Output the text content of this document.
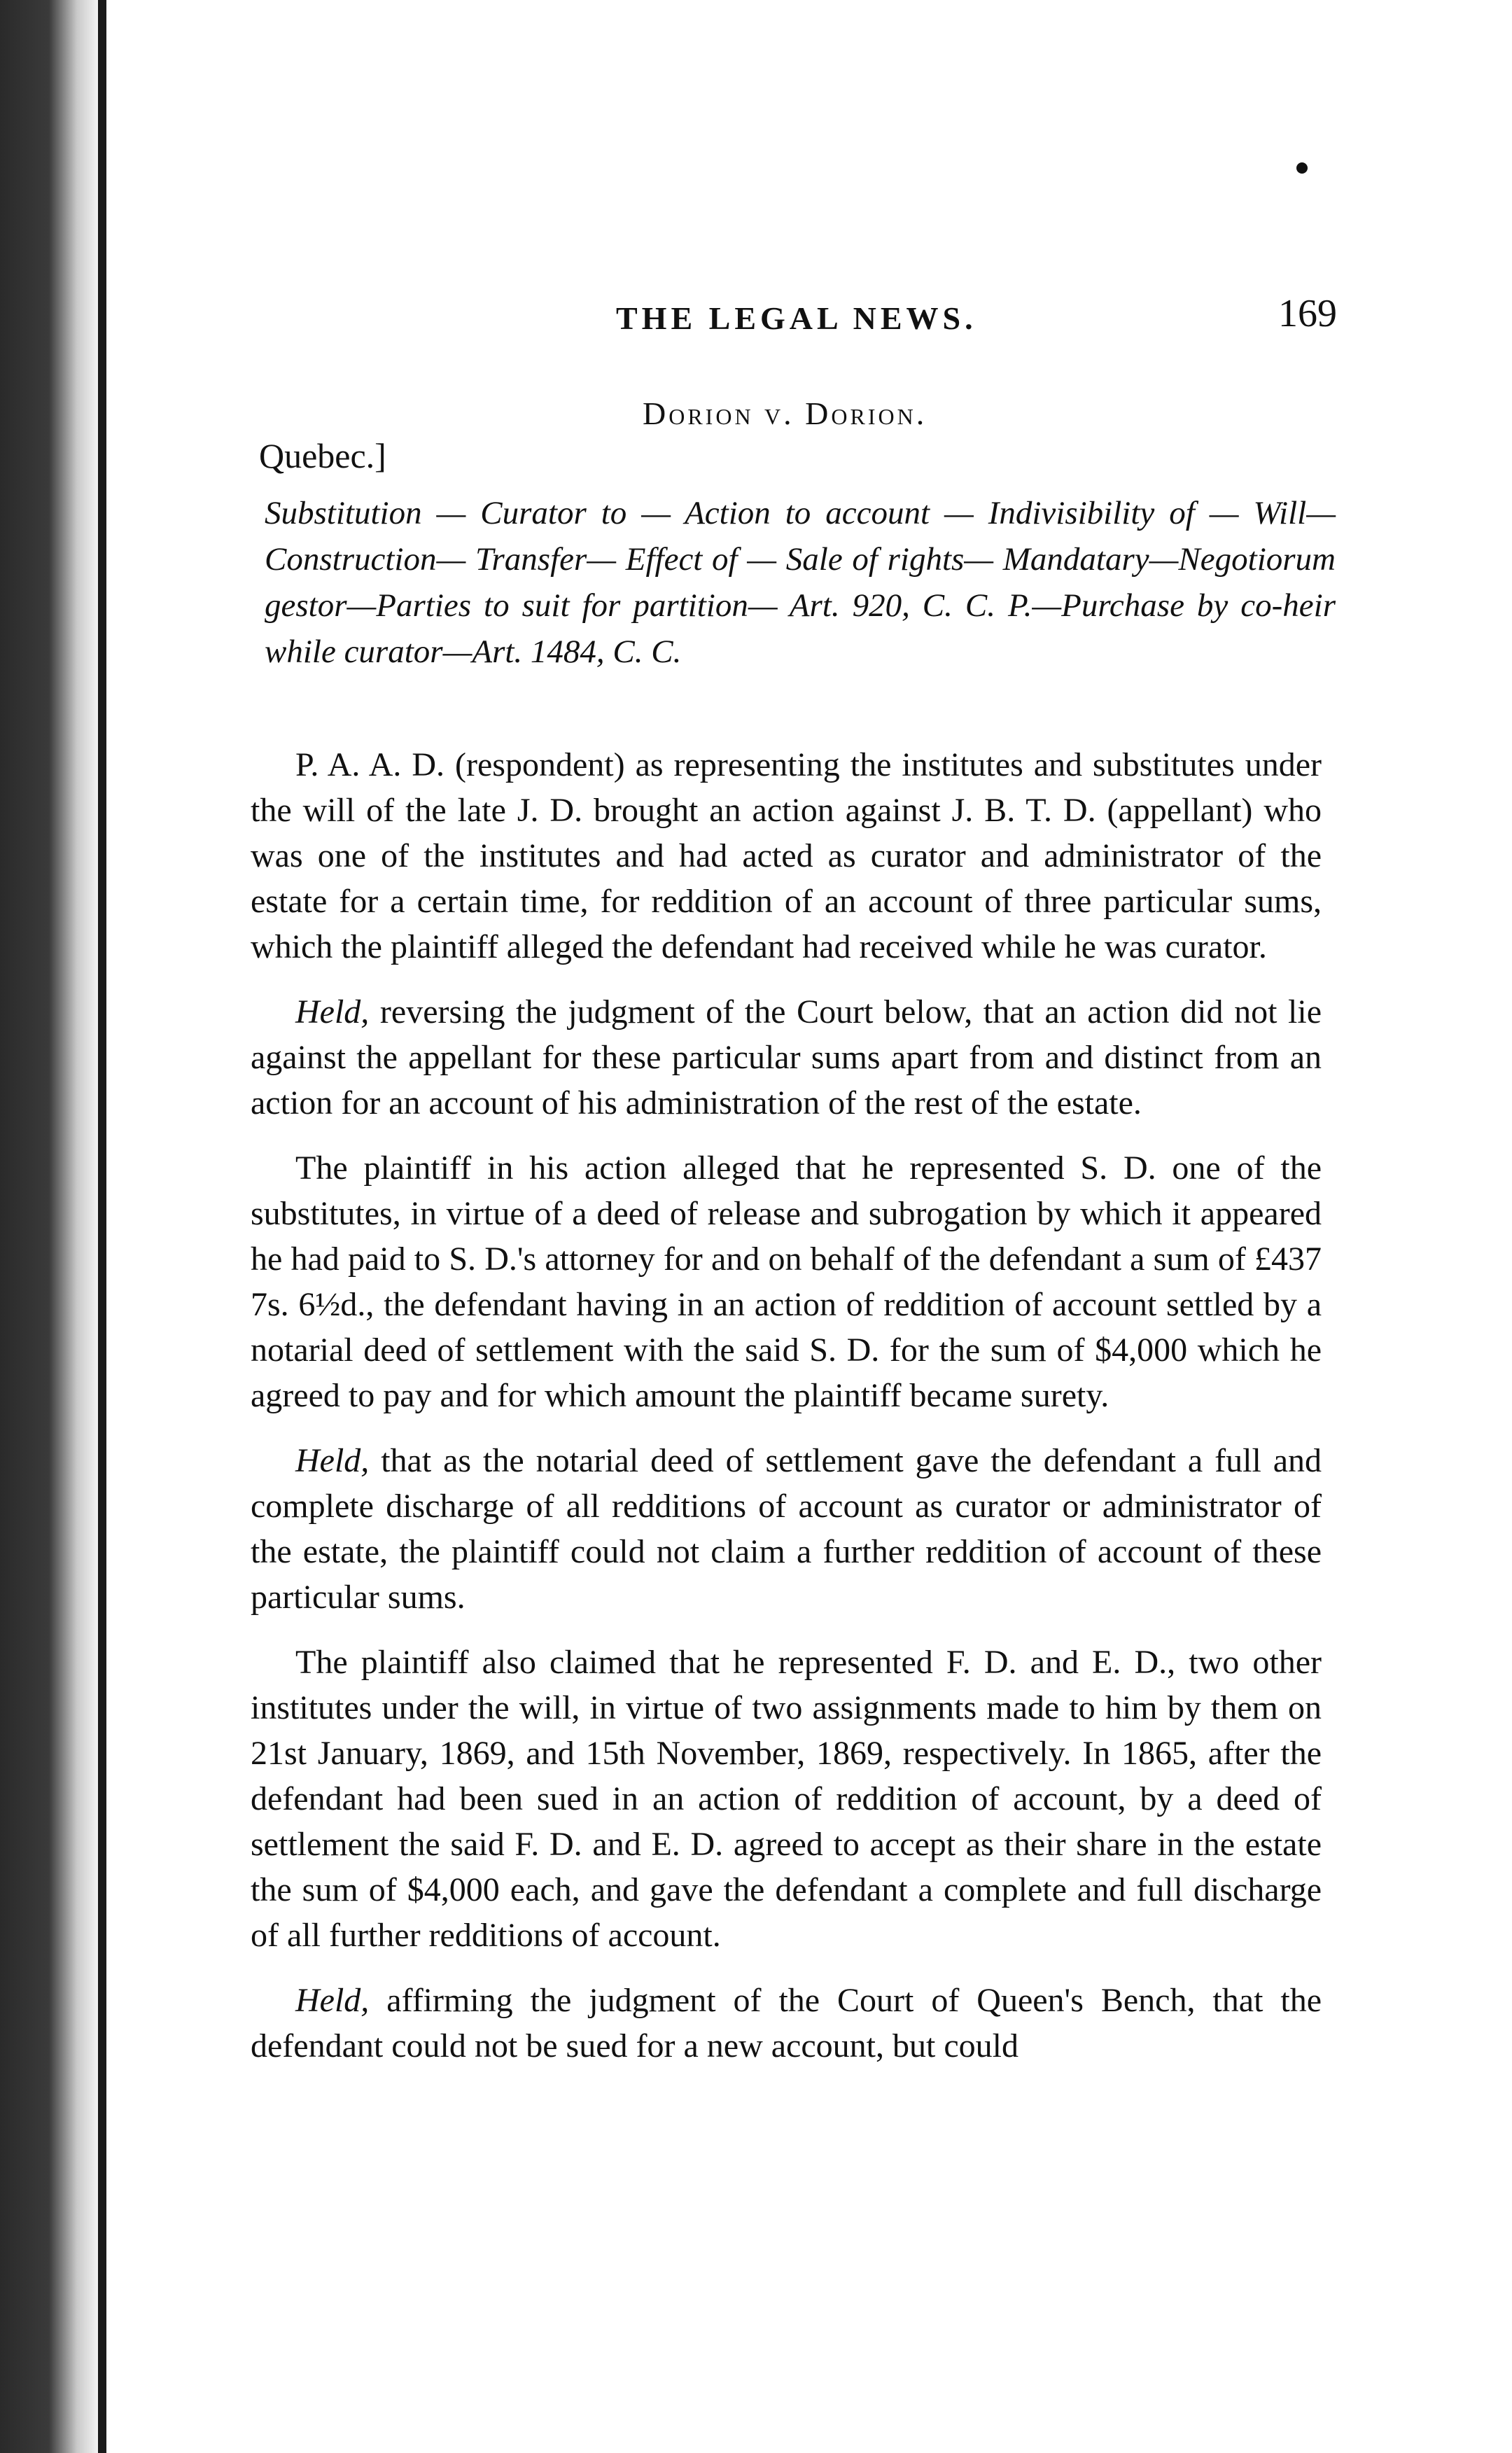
THE LEGAL NEWS.	169
Dorion v. Dorion.
Quebec.]
Substitution — Curator to — Action to account — Indivisibility of — Will— Construction— Transfer— Effect of — Sale of rights— Mandatary—Negotiorum gestor—Parties to suit for partition— Art. 920, C. C. P.—Purchase by co-heir while curator—Art. 1484, C. C.

P. A. A. D. (respondent) as representing the institutes and substitutes under the will of the late J. D. brought an action against J. B. T. D. (appellant) who was one of the institutes and had acted as curator and administrator of the estate for a certain time, for reddition of an account of three particular sums, which the plaintiff alleged the defendant had received while he was curator.

Held, reversing the judgment of the Court below, that an action did not lie against the appellant for these particular sums apart from and distinct from an action for an account of his administration of the rest of the estate.

The plaintiff in his action alleged that he represented S. D. one of the substitutes, in virtue of a deed of release and subrogation by which it appeared he had paid to S. D.'s attorney for and on behalf of the defendant a sum of £437 7s. 6½d., the defendant having in an action of reddition of account settled by a notarial deed of settlement with the said S. D. for the sum of $4,000 which he agreed to pay and for which amount the plaintiff became surety.

Held, that as the notarial deed of settlement gave the defendant a full and complete discharge of all redditions of account as curator or administrator of the estate, the plaintiff could not claim a further reddition of account of these particular sums.

The plaintiff also claimed that he represented F. D. and E. D., two other institutes under the will, in virtue of two assignments made to him by them on 21st January, 1869, and 15th November, 1869, respectively. In 1865, after the defendant had been sued in an action of reddition of account, by a deed of settlement the said F. D. and E. D. agreed to accept as their share in the estate the sum of $4,000 each, and gave the defendant a complete and full discharge of all further redditions of account.

Held, affirming the judgment of the Court of Queen's Bench, that the defendant could not be sued for a new account, but could
